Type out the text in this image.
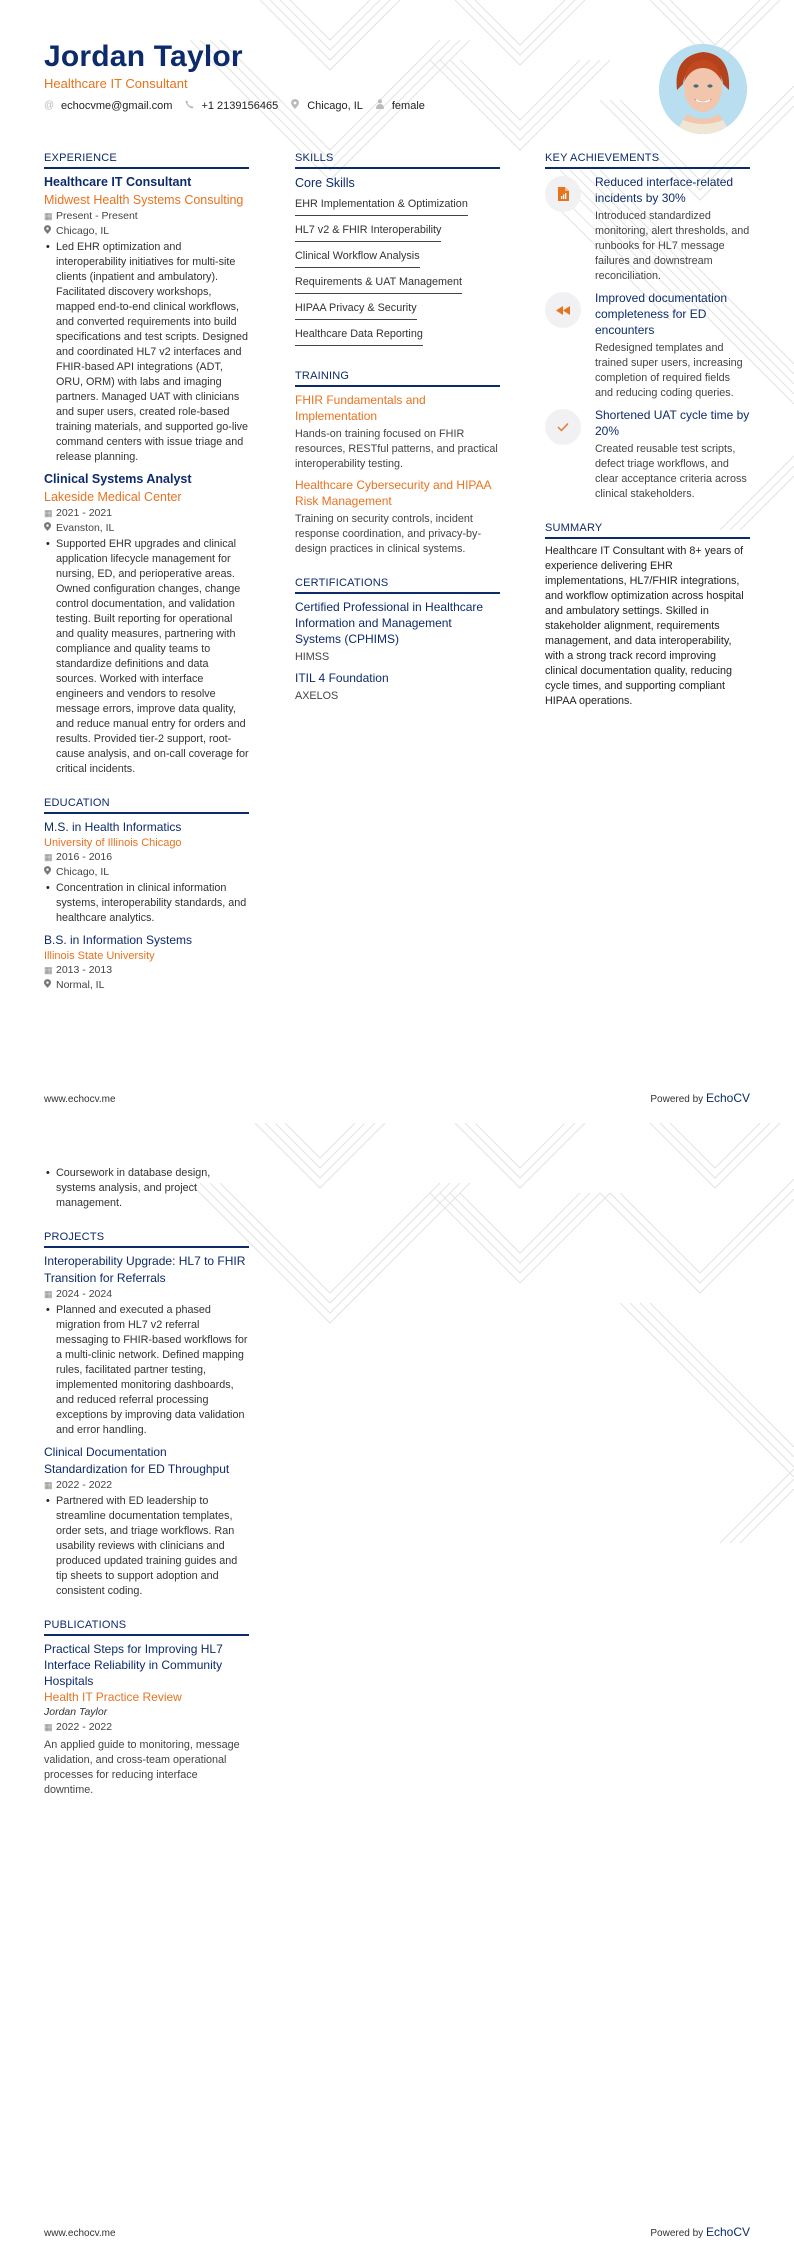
Jordan Taylor
Healthcare IT Consultant
@ echocvme@gmail.com	+1 2139156465	Chicago, IL	female
EXPERIENCE
Healthcare IT Consultant
Midwest Health Systems Consulting
▦ Present - Present
Chicago, IL
• Led EHR optimization and interoperability initiatives for multi-site clients (inpatient and ambulatory). Facilitated discovery workshops, mapped end-to-end clinical workflows, and converted requirements into build specifications and test scripts. Designed and coordinated HL7 v2 interfaces and FHIR-based API integrations (ADT, ORU, ORM) with labs and imaging partners. Managed UAT with clinicians and super users, created role-based training materials, and supported go-live command centers with issue triage and release planning.
Clinical Systems Analyst
Lakeside Medical Center
▦ 2021 - 2021
Evanston, IL
• Supported EHR upgrades and clinical application lifecycle management for nursing, ED, and perioperative areas. Owned configuration changes, change control documentation, and validation testing. Built reporting for operational and quality measures, partnering with compliance and quality teams to standardize definitions and data sources. Worked with interface engineers and vendors to resolve message errors, improve data quality, and reduce manual entry for orders and results. Provided tier-2 support, root-cause analysis, and on-call coverage for critical incidents.
EDUCATION
M.S. in Health Informatics
University of Illinois Chicago
▦ 2016 - 2016
Chicago, IL
• Concentration in clinical information systems, interoperability standards, and healthcare analytics.
B.S. in Information Systems
Illinois State University
▦ 2013 - 2013
Normal, IL
SKILLS
Core Skills
EHR Implementation & Optimization
HL7 v2 & FHIR Interoperability
Clinical Workflow Analysis
Requirements & UAT Management
HIPAA Privacy & Security
Healthcare Data Reporting
TRAINING
FHIR Fundamentals and Implementation
Hands-on training focused on FHIR resources, RESTful patterns, and practical interoperability testing.
Healthcare Cybersecurity and HIPAA Risk Management
Training on security controls, incident response coordination, and privacy-by-design practices in clinical systems.
CERTIFICATIONS
Certified Professional in Healthcare Information and Management Systems (CPHIMS)
HIMSS
ITIL 4 Foundation
AXELOS
KEY ACHIEVEMENTS
Reduced interface-related incidents by 30%
Introduced standardized monitoring, alert thresholds, and runbooks for HL7 message failures and downstream reconciliation.
Improved documentation completeness for ED encounters
Redesigned templates and trained super users, increasing completion of required fields and reducing coding queries.
Shortened UAT cycle time by 20%
Created reusable test scripts, defect triage workflows, and clear acceptance criteria across clinical stakeholders.
SUMMARY
Healthcare IT Consultant with 8+ years of experience delivering EHR implementations, HL7/FHIR integrations, and workflow optimization across hospital and ambulatory settings. Skilled in stakeholder alignment, requirements management, and data interoperability, with a strong track record improving clinical documentation quality, reducing cycle times, and supporting compliant HIPAA operations.
www.echocv.me	Powered by EchoCV
• Coursework in database design, systems analysis, and project management.
PROJECTS
Interoperability Upgrade: HL7 to FHIR Transition for Referrals
▦ 2024 - 2024
• Planned and executed a phased migration from HL7 v2 referral messaging to FHIR-based workflows for a multi-clinic network. Defined mapping rules, facilitated partner testing, implemented monitoring dashboards, and reduced referral processing exceptions by improving data validation and error handling.
Clinical Documentation Standardization for ED Throughput
▦ 2022 - 2022
• Partnered with ED leadership to streamline documentation templates, order sets, and triage workflows. Ran usability reviews with clinicians and produced updated training guides and tip sheets to support adoption and consistent coding.
PUBLICATIONS
Practical Steps for Improving HL7 Interface Reliability in Community Hospitals
Health IT Practice Review
Jordan Taylor
▦ 2022 - 2022
An applied guide to monitoring, message validation, and cross-team operational processes for reducing interface downtime.
www.echocv.me	Powered by EchoCV
